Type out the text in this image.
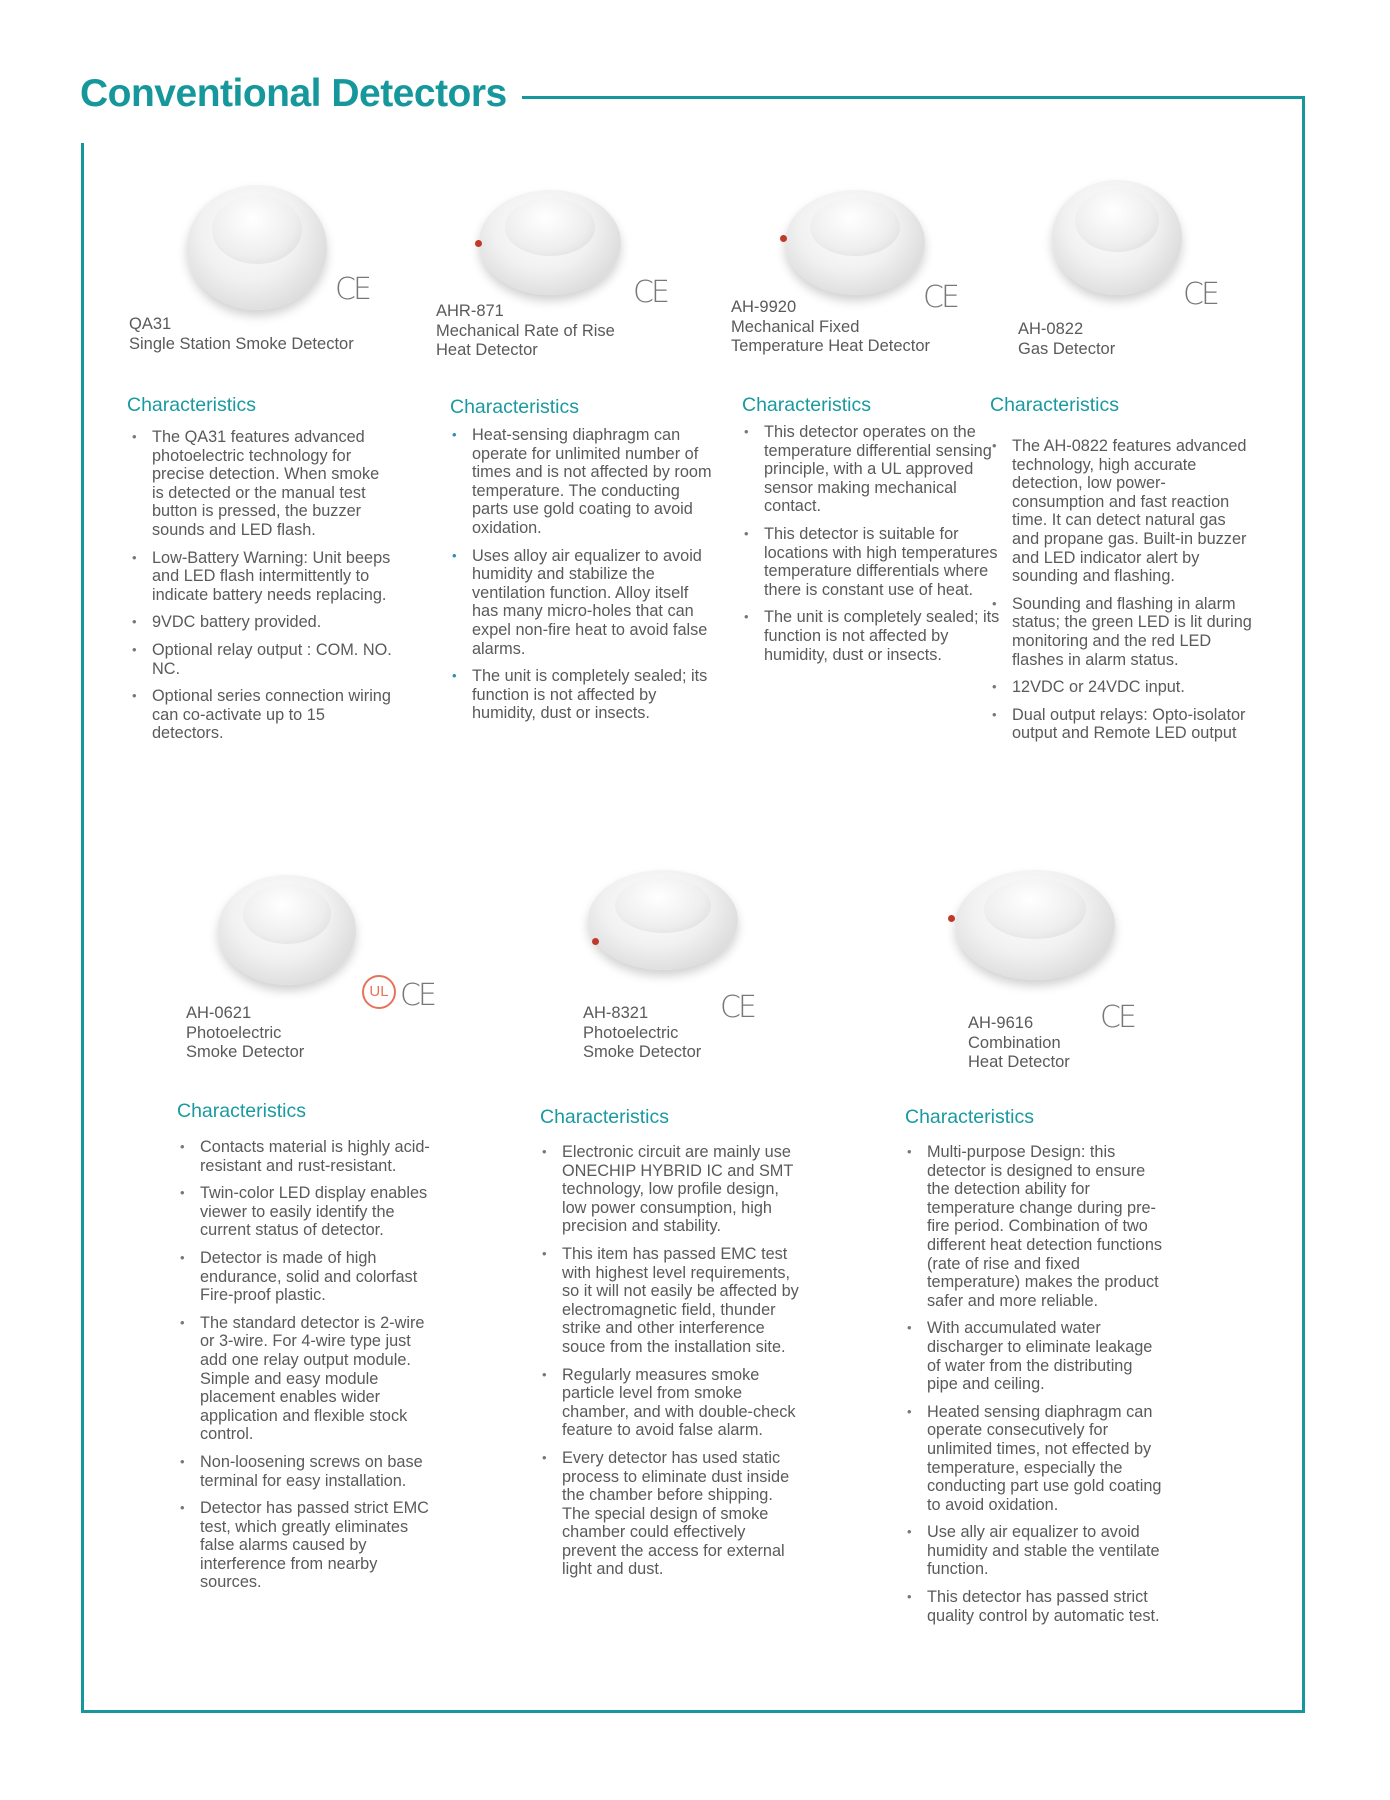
Conventional Detectors
CE
QA31
Single Station Smoke Detector
Characteristics
• The QA31 features advanced photoelectric technology for precise detection. When smoke is detected or the manual test button is pressed, the buzzer sounds and LED flash.
• Low-Battery Warning: Unit beeps and LED flash intermittently to indicate battery needs replacing.
• 9VDC battery provided.
• Optional relay output : COM. NO. NC.
• Optional series connection wiring can co-activate up to 15 detectors.
CE
AHR-871
Mechanical Rate of Rise
Heat Detector
Characteristics
• Heat-sensing diaphragm can operate for unlimited number of times and is not affected by room temperature. The conducting parts use gold coating to avoid oxidation.
• Uses alloy air equalizer to avoid humidity and stabilize the ventilation function. Alloy itself has many micro-holes that can expel non-fire heat to avoid false alarms.
• The unit is completely sealed; its function is not affected by humidity, dust or insects.
CE
AH-9920
Mechanical Fixed
Temperature Heat Detector
Characteristics
• This detector operates on the temperature differential sensing principle, with a UL approved sensor making mechanical contact.
• This detector is suitable for locations with high temperatures temperature differentials where there is constant use of heat.
• The unit is completely sealed; its function is not affected by humidity, dust or insects.
CE
AH-0822
Gas Detector
Characteristics
• The AH-0822 features advanced technology, high accurate detection, low power-consumption and fast reaction time. It can detect natural gas and propane gas. Built-in buzzer and LED indicator alert by sounding and flashing.
• Sounding and flashing in alarm status; the green LED is lit during monitoring and the red LED flashes in alarm status.
• 12VDC or 24VDC input.
• Dual output relays: Opto-isolator output and Remote LED output
UL CE
AH-0621
Photoelectric
Smoke Detector
Characteristics
• Contacts material is highly acid-resistant and rust-resistant.
• Twin-color LED display enables viewer to easily identify the current status of detector.
• Detector is made of high endurance, solid and colorfast Fire-proof plastic.
• The standard detector is 2-wire or 3-wire. For 4-wire type just add one relay output module. Simple and easy module placement enables wider application and flexible stock control.
• Non-loosening screws on base terminal for easy installation.
• Detector has passed strict EMC test, which greatly eliminates false alarms caused by interference from nearby sources.
CE
AH-8321
Photoelectric
Smoke Detector
Characteristics
• Electronic circuit are mainly use ONECHIP HYBRID IC and SMT technology, low profile design, low power consumption, high precision and stability.
• This item has passed EMC test with highest level requirements, so it will not easily be affected by electromagnetic field, thunder strike and other interference souce from the installation site.
• Regularly measures smoke particle level from smoke chamber, and with double-check feature to avoid false alarm.
• Every detector has used static process to eliminate dust inside the chamber before shipping. The special design of smoke chamber could effectively prevent the access for external light and dust.
CE
AH-9616
Combination
Heat Detector
Characteristics
• Multi-purpose Design: this detector is designed to ensure the detection ability for temperature change during pre-fire period. Combination of two different heat detection functions (rate of rise and fixed temperature) makes the product safer and more reliable.
• With accumulated water discharger to eliminate leakage of water from the distributing pipe and ceiling.
• Heated sensing diaphragm can operate consecutively for unlimited times, not effected by temperature, especially the conducting part use gold coating to avoid oxidation.
• Use ally air equalizer to avoid humidity and stable the ventilate function.
• This detector has passed strict quality control by automatic test.
